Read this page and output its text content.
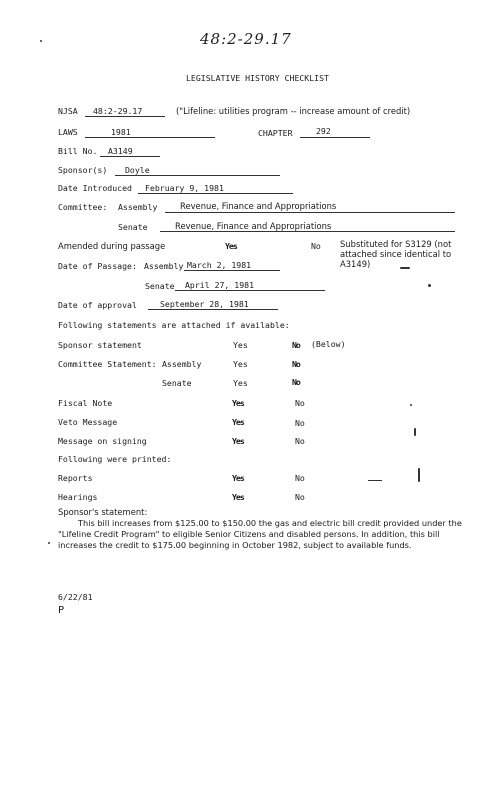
48:2-29.17
LEGISLATIVE HISTORY CHECKLIST
NJSA 48:2-29.17	("Lifeline: utilities program -- increase amount of credit)
LAWS	1981	CHAPTER	292
Bill No. A3149
Sponsor(s) Doyle
Date Introduced February 9, 1981
Committee: Assembly	Revenue, Finance and Appropriations
Senate	Revenue, Finance and Appropriations
Amended during passage	Yes	No Substituted for S3129 (not attached since identical to A3149)
Date of Passage: Assembly March 2, 1981
Senate April 27, 1981
Date of approval	September 28, 1981
Following statements are attached if available:
Sponsor statement	Yes	No (Below)
Committee Statement: Assembly	Yes	No
Senate	Yes	No
Fiscal Note	Yes	No
Veto Message	Yes	No
Message on signing	Yes	No
Following were printed:
Reports	Yes	No
Hearings	Yes	No
Sponsor's statement:
This bill increases from $125.00 to $150.00 the gas and electric bill credit provided under the "Lifeline Credit Program" to eligible Senior Citizens and disabled persons. In addition, this bill increases the credit to $175.00 beginning in October 1982, subject to available funds.
6/22/81
P
